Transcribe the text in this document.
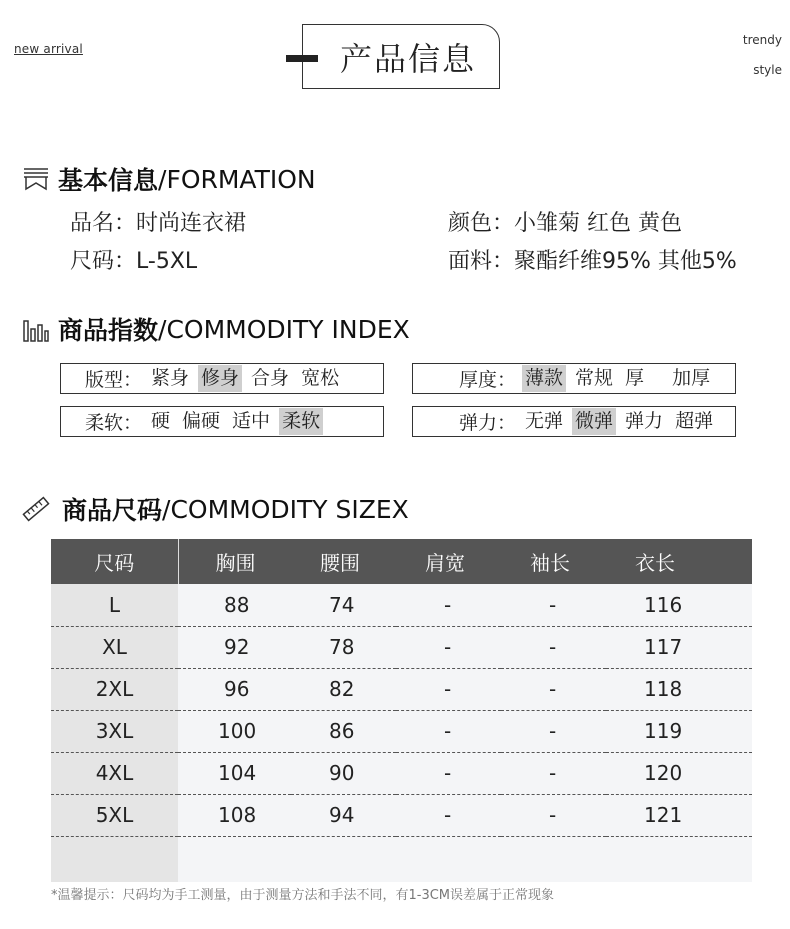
new arrival
trendy
style
产品信息
基本信息 /FORMATION
品名：时尚连衣裙	颜色：小雏菊 红色 黄色
尺码：L-5XL	面料：聚酯纤维95% 其他5%
商品指数 /COMMODITY INDEX
版型： 紧身 修身 合身 宽松	厚度： 薄款 常规 厚 加厚
柔软： 硬 偏硬 适中 柔软	弹力： 无弹 微弹 弹力 超弹
商品尺码 /COMMODITY SIZEX
尺码	胸围	腰围	肩宽	袖长	衣长
L	88	74	-	-	116
XL	92	78	-	-	117
2XL	96	82	-	-	118
3XL	100	86	-	-	119
4XL	104	90	-	-	120
5XL	108	94	-	-	121

*温馨提示：尺码均为手工测量，由于测量方法和手法不同，有1-3CM误差属于正常现象
